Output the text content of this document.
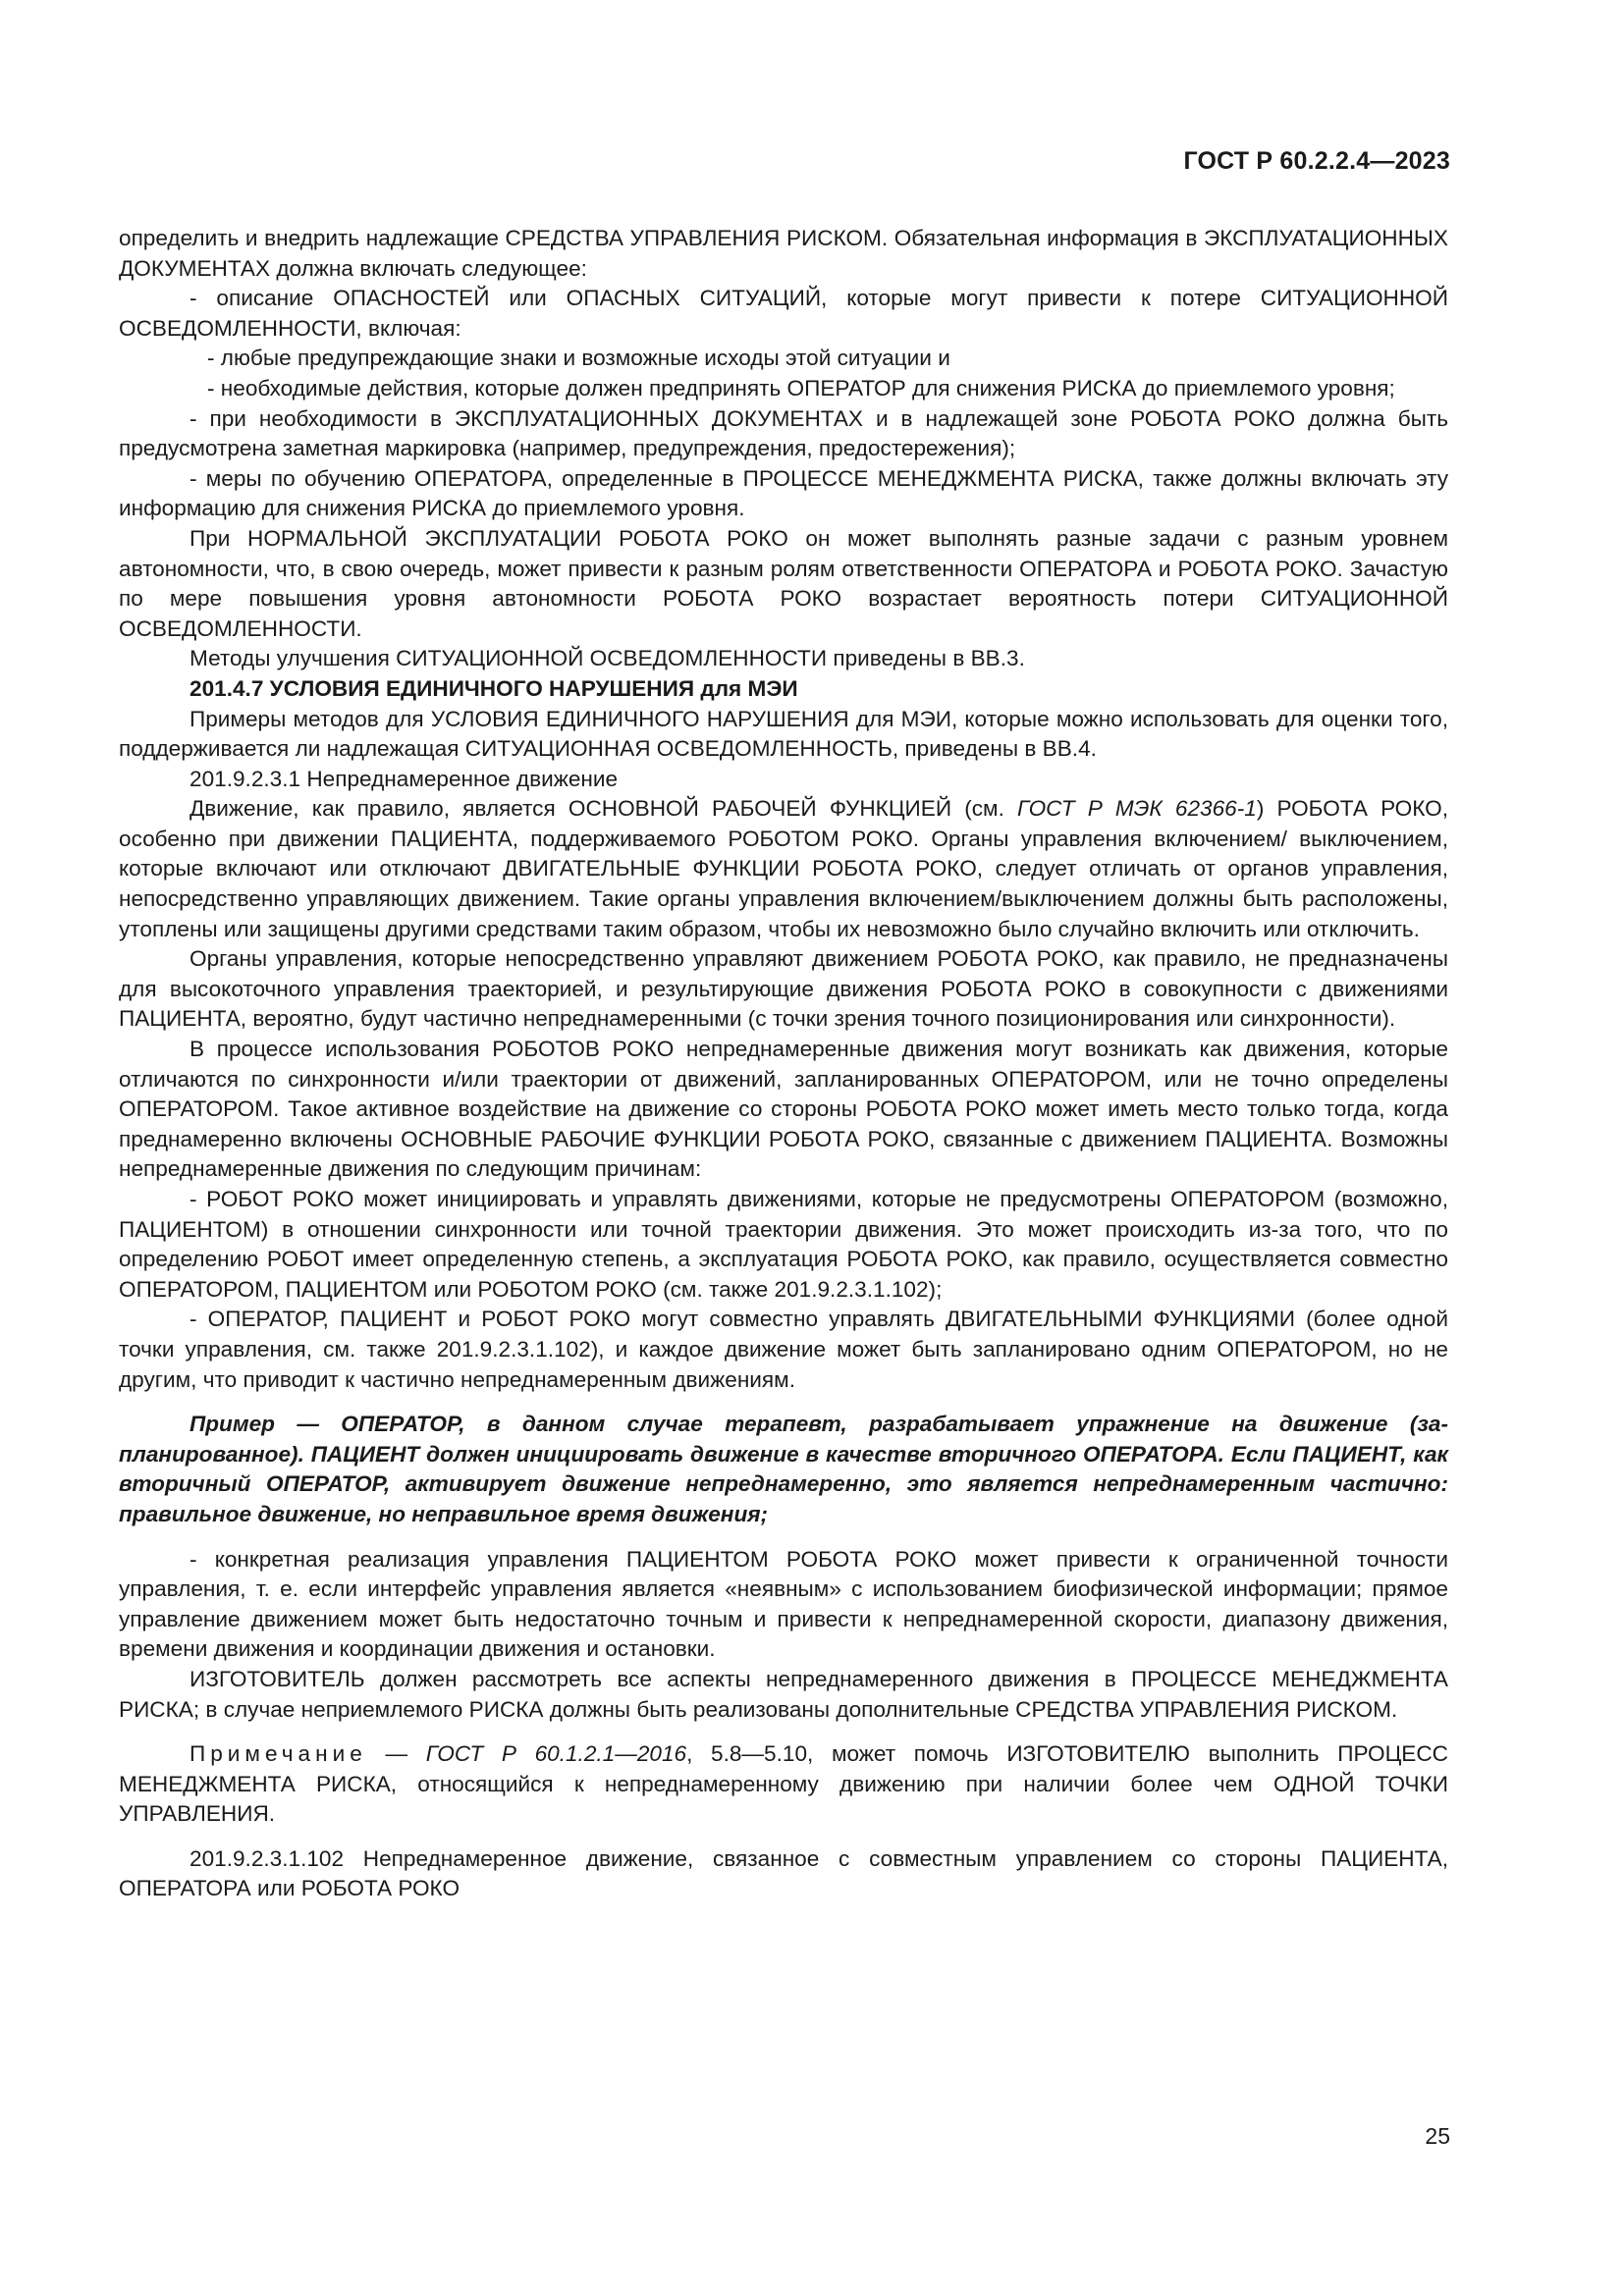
ГОСТ Р 60.2.2.4—2023

определить и внедрить надлежащие СРЕДСТВА УПРАВЛЕНИЯ РИСКОМ. Обязательная информация в ЭКСПЛУАТАЦИОННЫХ ДОКУМЕНТАХ должна включать следующее:

- описание ОПАСНОСТЕЙ или ОПАСНЫХ СИТУАЦИЙ, которые могут привести к потере СИТУАЦИОННОЙ ОСВЕДОМЛЕННОСТИ, включая:

- любые предупреждающие знаки и возможные исходы этой ситуации и

- необходимые действия, которые должен предпринять ОПЕРАТОР для снижения РИСКА до приемлемого уровня;

- при необходимости в ЭКСПЛУАТАЦИОННЫХ ДОКУМЕНТАХ и в надлежащей зоне РОБОТА РОКО должна быть предусмотрена заметная маркировка (например, предупреждения, предостережения);

- меры по обучению ОПЕРАТОРА, определенные в ПРОЦЕССЕ МЕНЕДЖМЕНТА РИСКА, также должны включать эту информацию для снижения РИСКА до приемлемого уровня.

При НОРМАЛЬНОЙ ЭКСПЛУАТАЦИИ РОБОТА РОКО он может выполнять разные задачи с разным уровнем автономности, что, в свою очередь, может привести к разным ролям ответственности ОПЕРАТОРА и РОБОТА РОКО. Зачастую по мере повышения уровня автономности РОБОТА РОКО возрастает вероятность потери СИТУАЦИОННОЙ ОСВЕДОМЛЕННОСТИ.

Методы улучшения СИТУАЦИОННОЙ ОСВЕДОМЛЕННОСТИ приведены в ВВ.3.

201.4.7 УСЛОВИЯ ЕДИНИЧНОГО НАРУШЕНИЯ для МЭИ

Примеры методов для УСЛОВИЯ ЕДИНИЧНОГО НАРУШЕНИЯ для МЭИ, которые можно использовать для оценки того, поддерживается ли надлежащая СИТУАЦИОННАЯ ОСВЕДОМЛЕННОСТЬ, приведены в ВВ.4.

201.9.2.3.1 Непреднамеренное движение

Движение, как правило, является ОСНОВНОЙ РАБОЧЕЙ ФУНКЦИЕЙ (см. ГОСТ Р МЭК 62366-1) РОБОТА РОКО, особенно при движении ПАЦИЕНТА, поддерживаемого РОБОТОМ РОКО. Органы управления включением/ выключением, которые включают или отключают ДВИГАТЕЛЬНЫЕ ФУНКЦИИ РОБОТА РОКО, следует отличать от органов управления, непосредственно управляющих движением. Такие органы управления включением/выключением должны быть расположены, утоплены или защищены другими средствами таким образом, чтобы их невозможно было случайно включить или отключить.

Органы управления, которые непосредственно управляют движением РОБОТА РОКО, как правило, не предназначены для высокоточного управления траекторией, и результирующие движения РОБОТА РОКО в совокупности с движениями ПАЦИЕНТА, вероятно, будут частично непреднамеренными (с точки зрения точного позиционирования или синхронности).

В процессе использования РОБОТОВ РОКО непреднамеренные движения могут возникать как движения, которые отличаются по синхронности и/или траектории от движений, запланированных ОПЕРАТОРОМ, или не точно определены ОПЕРАТОРОМ. Такое активное воздействие на движение со стороны РОБОТА РОКО может иметь место только тогда, когда преднамеренно включены ОСНОВНЫЕ РАБОЧИЕ ФУНКЦИИ РОБОТА РОКО, связанные с движением ПАЦИЕНТА. Возможны непреднамеренные движения по следующим причинам:

- РОБОТ РОКО может инициировать и управлять движениями, которые не предусмотрены ОПЕРАТОРОМ (возможно, ПАЦИЕНТОМ) в отношении синхронности или точной траектории движения. Это может происходить из-за того, что по определению РОБОТ имеет определенную степень, а эксплуатация РОБОТА РОКО, как правило, осуществляется совместно ОПЕРАТОРОМ, ПАЦИЕНТОМ или РОБОТОМ РОКО (см. также 201.9.2.3.1.102);

- ОПЕРАТОР, ПАЦИЕНТ и РОБОТ РОКО могут совместно управлять ДВИГАТЕЛЬНЫМИ ФУНКЦИЯМИ (более одной точки управления, см. также 201.9.2.3.1.102), и каждое движение может быть запланировано одним ОПЕРАТОРОМ, но не другим, что приводит к частично непреднамеренным движениям.

Пример — ОПЕРАТОР, в данном случае терапевт, разрабатывает упражнение на движение (запланированное). ПАЦИЕНТ должен инициировать движение в качестве вторичного ОПЕРАТОРА. Если ПАЦИЕНТ, как вторичный ОПЕРАТОР, активирует движение непреднамеренно, это является непреднамеренным частично: правильное движение, но неправильное время движения;

- конкретная реализация управления ПАЦИЕНТОМ РОБОТА РОКО может привести к ограниченной точности управления, т. е. если интерфейс управления является «неявным» с использованием биофизической информации; прямое управление движением может быть недостаточно точным и привести к непреднамеренной скорости, диапазону движения, времени движения и координации движения и остановки.

ИЗГОТОВИТЕЛЬ должен рассмотреть все аспекты непреднамеренного движения в ПРОЦЕССЕ МЕНЕДЖМЕНТА РИСКА; в случае неприемлемого РИСКА должны быть реализованы дополнительные СРЕДСТВА УПРАВЛЕНИЯ РИСКОМ.

Примечание — ГОСТ Р 60.1.2.1—2016, 5.8—5.10, может помочь ИЗГОТОВИТЕЛЮ выполнить ПРОЦЕСС МЕНЕДЖМЕНТА РИСКА, относящийся к непреднамеренному движению при наличии более чем ОДНОЙ ТОЧКИ УПРАВЛЕНИЯ.

201.9.2.3.1.102 Непреднамеренное движение, связанное с совместным управлением со стороны ПАЦИЕНТА, ОПЕРАТОРА или РОБОТА РОКО

25
